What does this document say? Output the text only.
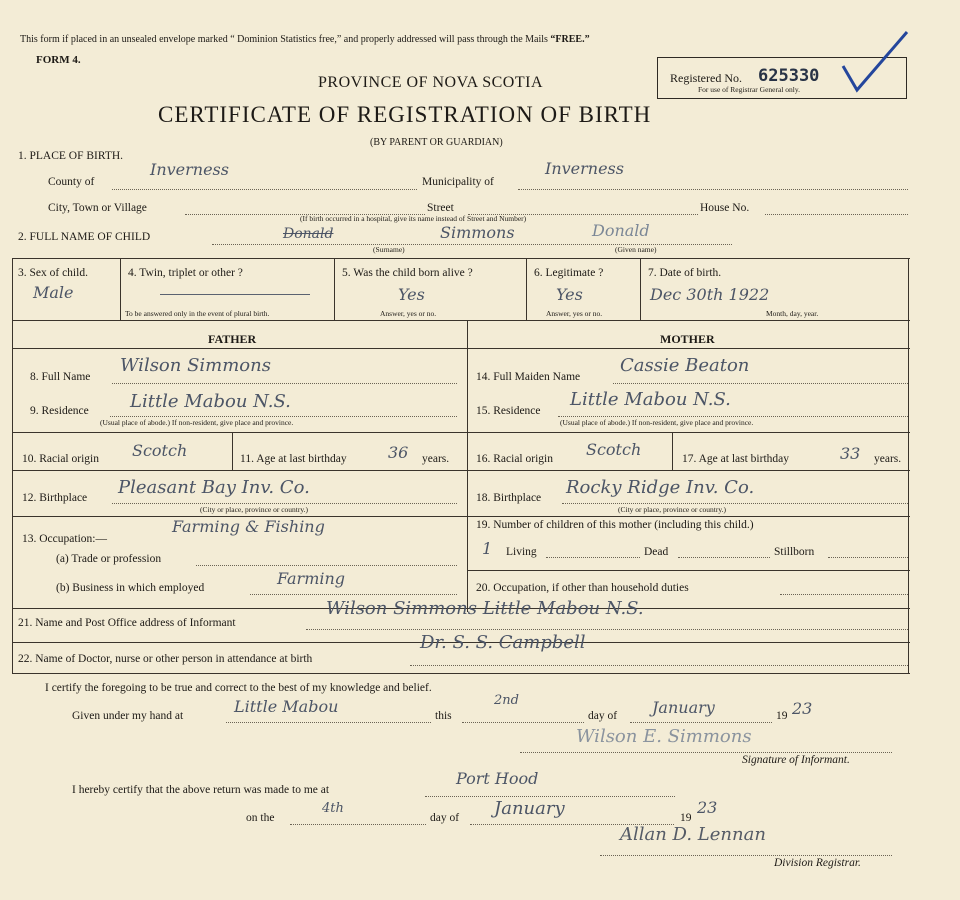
This form if placed in an unsealed envelope marked “ Dominion Statistics free,” and properly addressed will pass through the Mails “FREE.”
FORM 4.
Registered No. 625330
For use of Registrar General only.
PROVINCE OF NOVA SCOTIA
CERTIFICATE OF REGISTRATION OF BIRTH
(BY PARENT OR GUARDIAN)
1. PLACE OF BIRTH.
County of
Inverness
Municipality of
Inverness
City, Town or Village	Street
(If birth occurred in a hospital, give its name instead of Street and Number)
House No.
2. FULL NAME OF CHILD	Donald	Simmons	Donald
(Surname)	(Given name)
3. Sex of child.
Male
4. Twin, triplet or other ?
To be answered only in the event of plural birth.
5. Was the child born alive ?
Yes
Answer, yes or no.
6. Legitimate ?
Yes
Answer, yes or no.
7. Date of birth.
Dec 30th 1922
Month, day, year.
FATHER	MOTHER
8. Full Name
Wilson Simmons
9. Residence Little Mabou N.S.
(Usual place of abode.) If non-resident, give place and province.
10. Racial origin Scotch	11. Age at last birthday	36 years.
12. Birthplace Pleasant Bay Inv. Co.
(City or place, province or country.)
13. Occupation:—
Farming & Fishing
(a) Trade or profession
(b) Business in which employed	Farming
14. Full Maiden Name
Cassie Beaton
15. Residence
Little Mabou N.S.
(Usual place of abode.) If non-resident, give place and province.
16. Racial origin Scotch	17. Age at last birthday	33 years.
18. Birthplace Rocky Ridge Inv. Co.
(City or place, province or country.)
19. Number of children of this mother (including this child.)
1 Living	Dead	Stillborn
20. Occupation, if other than household duties
21. Name and Post Office address of Informant
Wilson Simmons Little Mabou N.S.
22. Name of Doctor, nurse or other person in attendance at birth
Dr. S. S. Campbell
I certify the foregoing to be true and correct to the best of my knowledge and belief.
Given under my hand at	Little Mabou	this
2nd
day of January	19 23
Wilson E. Simmons
Signature of Informant.
I hereby certify that the above return was made to me at
Port Hood
on the
4th
day of January	19
23
Allan D. Lennan
Division Registrar.
